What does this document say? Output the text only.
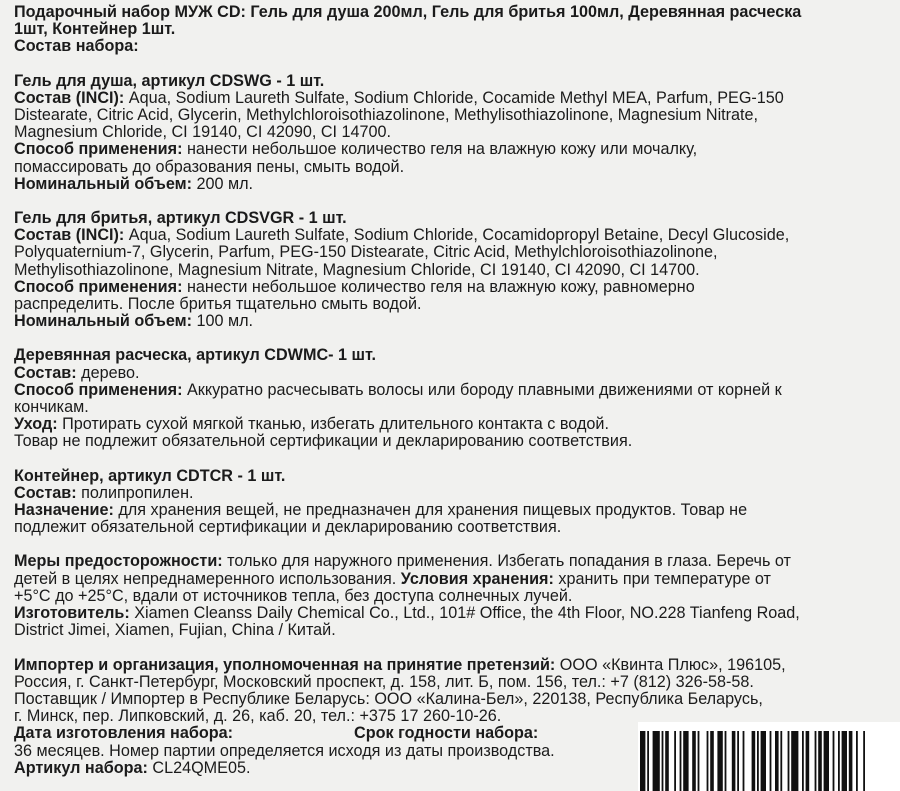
Подарочный набор МУЖ CD: Гель для душа 200мл, Гель для бритья 100мл, Деревянная расческа
1шт, Контейнер 1шт.
Состав набора:
Гель для душа, артикул CDSWG - 1 шт.
Состав (INCI): Aqua, Sodium Laureth Sulfate, Sodium Chloride, Cocamide Methyl MEA, Parfum, PEG-150
Distearate, Citric Acid, Glycerin, Methylchloroisothiazolinone, Methylisothiazolinone, Magnesium Nitrate,
Magnesium Chloride, CI 19140, CI 42090, CI 14700.
Способ применения: нанести небольшое количество геля на влажную кожу или мочалку,
помассировать до образования пены, смыть водой.
Номинальный объем: 200 мл.
Гель для бритья, артикул CDSVGR - 1 шт.
Состав (INCI): Aqua, Sodium Laureth Sulfate, Sodium Chloride, Cocamidopropyl Betaine, Decyl Glucoside,
Polyquaternium-7, Glycerin, Parfum, PEG-150 Distearate, Citric Acid, Methylchloroisothiazolinone,
Methylisothiazolinone, Magnesium Nitrate, Magnesium Chloride, CI 19140, CI 42090, CI 14700.
Способ применения: нанести небольшое количество геля на влажную кожу, равномерно
распределить. После бритья тщательно смыть водой.
Номинальный объем: 100 мл.
Деревянная расческа, артикул CDWMC- 1 шт.
Состав: дерево.
Способ применения: Аккуратно расчесывать волосы или бороду плавными движениями от корней к
кончикам.
Уход: Протирать сухой мягкой тканью, избегать длительного контакта с водой.
Товар не подлежит обязательной сертификации и декларированию соответствия.
Контейнер, артикул CDTCR - 1 шт.
Состав: полипропилен.
Назначение: для хранения вещей, не предназначен для хранения пищевых продуктов. Товар не
подлежит обязательной сертификации и декларированию соответствия.
Меры предосторожности: только для наружного применения. Избегать попадания в глаза. Беречь от
детей в целях непреднамеренного использования. Условия хранения: хранить при температуре от
+5°С до +25°С, вдали от источников тепла, без доступа солнечных лучей.
Изготовитель: Xiamen Cleanss Daily Chemical Co., Ltd., 101# Office, the 4th Floor, NO.228 Tianfeng Road,
District Jimei, Xiamen, Fujian, China / Китай.
Импортер и организация, уполномоченная на принятие претензий: ООО «Квинта Плюс», 196105,
Россия, г. Санкт-Петербург, Московский проспект, д. 158, лит. Б, пом. 156, тел.: +7 (812) 326-58-58.
Поставщик / Импортер в Республике Беларусь: ООО «Калина-Бел», 220138, Республика Беларусь,
г. Минск, пер. Липковский, д. 26, каб. 20, тел.: +375 17 260-10-26.
Дата изготовления набора:	Срок годности набора:
36 месяцев. Номер партии определяется исходя из даты производства.
Артикул набора: CL24QME05.
